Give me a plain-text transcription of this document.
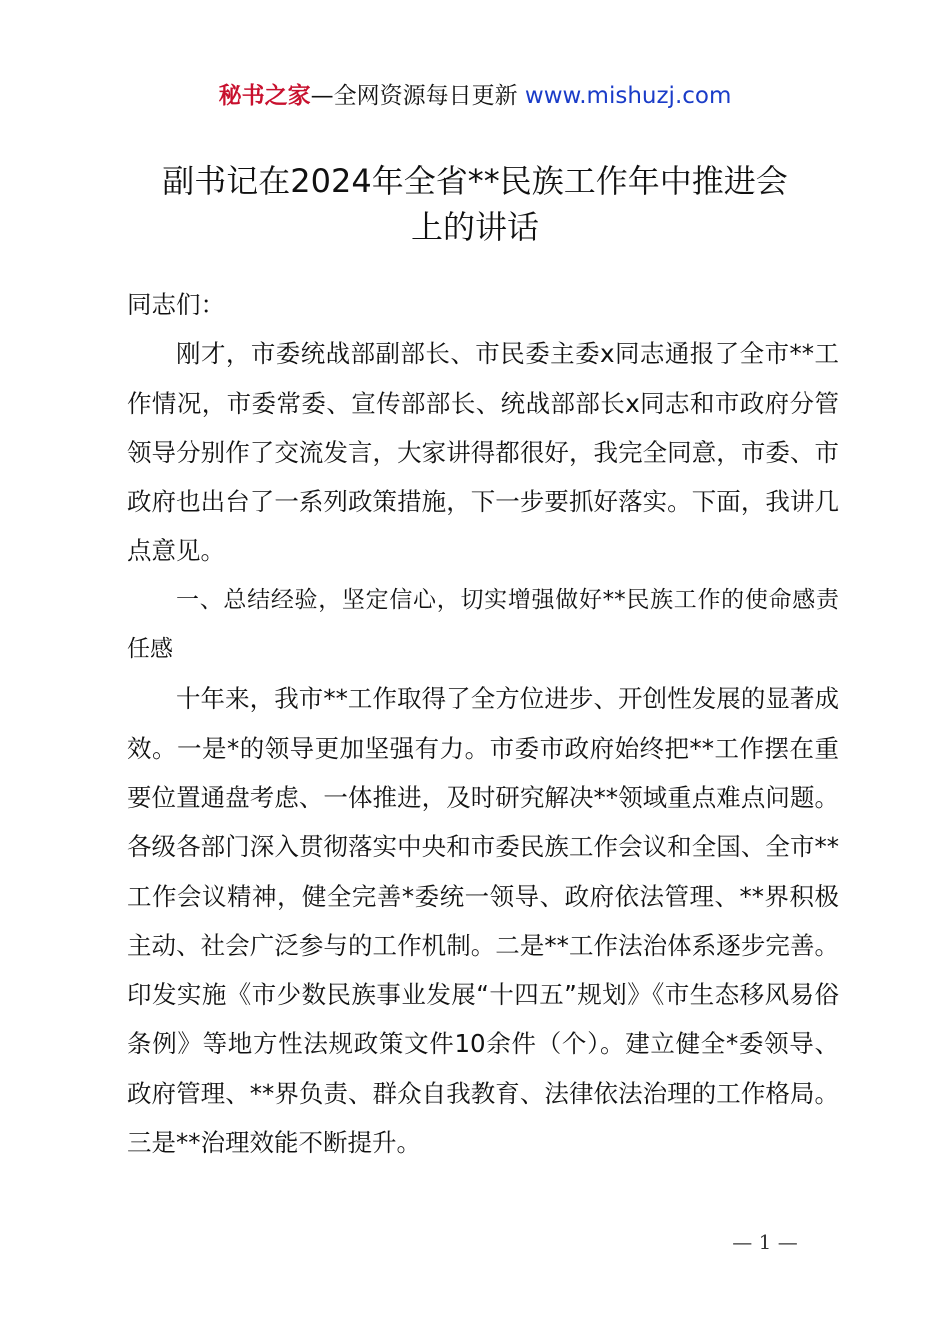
秘书之家—全网资源每日更新 www.mishuzj.com
副书记在2024年全省**民族工作年中推进会
上的讲话

同志们：

刚才，市委统战部副部长、市民委主委x同志通报了全市**工作情况，市委常委、宣传部部长、统战部部长x同志和市政府分管领导分别作了交流发言，大家讲得都很好，我完全同意，市委、市政府也出台了一系列政策措施，下一步要抓好落实。下面，我讲几点意见。

一、总结经验，坚定信心，切实增强做好**民族工作的使命感责任感

十年来，我市**工作取得了全方位进步、开创性发展的显著成效。一是*的领导更加坚强有力。市委市政府始终把**工作摆在重要位置通盘考虑、一体推进，及时研究解决**领域重点难点问题。各级各部门深入贯彻落实中央和市委民族工作会议和全国、全市**工作会议精神，健全完善*委统一领导、政府依法管理、**界积极主动、社会广泛参与的工作机制。二是**工作法治体系逐步完善。印发实施《市少数民族事业发展“十四五”规划》《市生态移风易俗条例》等地方性法规政策文件10余件（个）。建立健全*委领导、政府管理、**界负责、群众自我教育、法律依法治理的工作格局。三是**治理效能不断提升。

— 1 —
